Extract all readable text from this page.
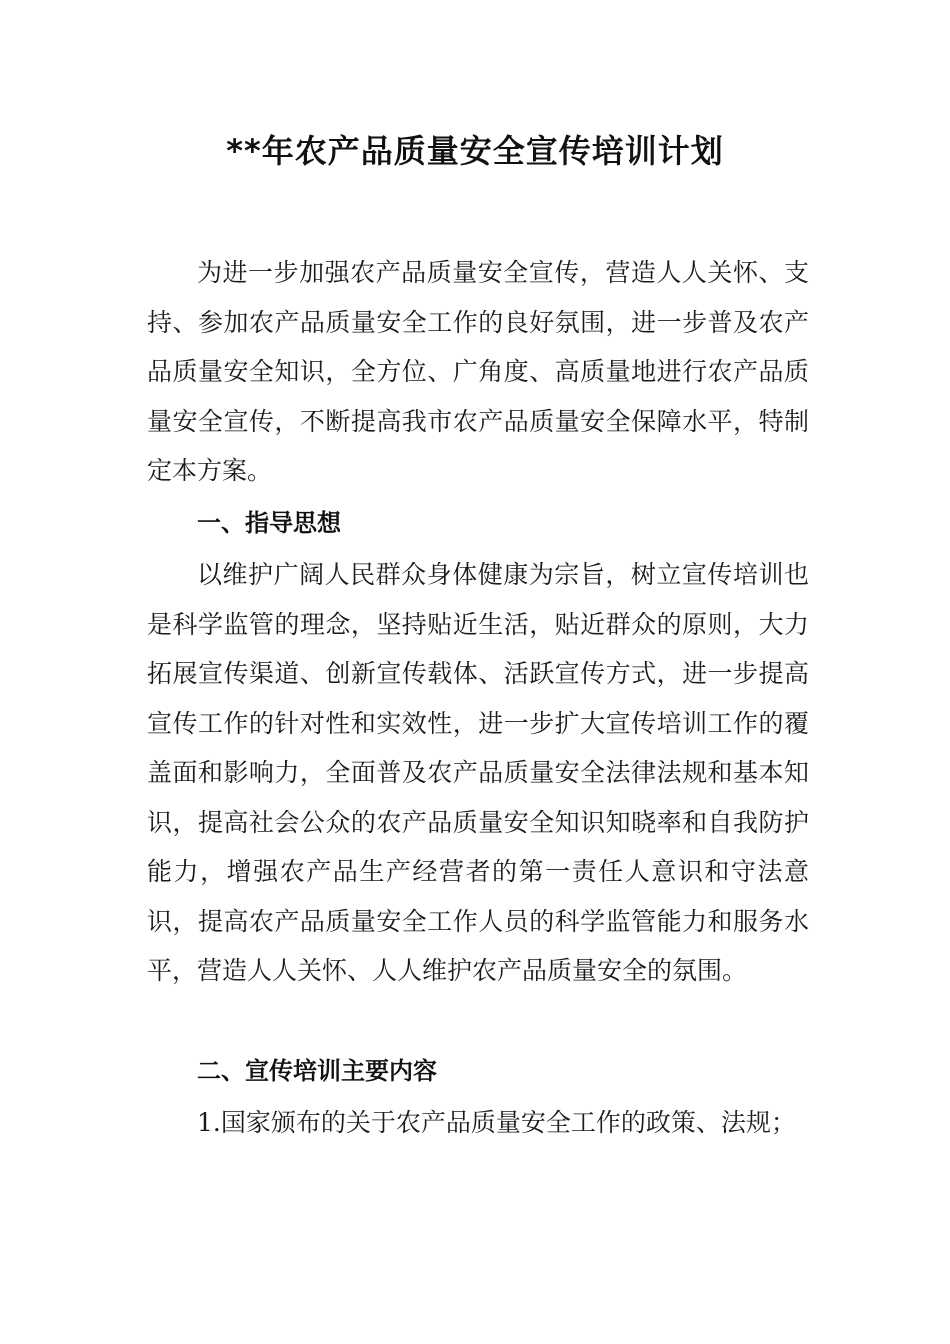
**年农产品质量安全宣传培训计划

为进一步加强农产品质量安全宣传，营造人人关怀、支持、参加农产品质量安全工作的良好氛围，进一步普及农产品质量安全知识，全方位、广角度、高质量地进行农产品质量安全宣传，不断提高我市农产品质量安全保障水平，特制定本方案。

一、指导思想

以维护广阔人民群众身体健康为宗旨，树立宣传培训也是科学监管的理念，坚持贴近生活，贴近群众的原则，大力拓展宣传渠道、创新宣传载体、活跃宣传方式，进一步提高宣传工作的针对性和实效性，进一步扩大宣传培训工作的覆盖面和影响力，全面普及农产品质量安全法律法规和基本知识，提高社会公众的农产品质量安全知识知晓率和自我防护能力，增强农产品生产经营者的第一责任人意识和守法意识，提高农产品质量安全工作人员的科学监管能力和服务水平，营造人人关怀、人人维护农产品质量安全的氛围。

二、宣传培训主要内容

1.国家颁布的关于农产品质量安全工作的政策、法规；
